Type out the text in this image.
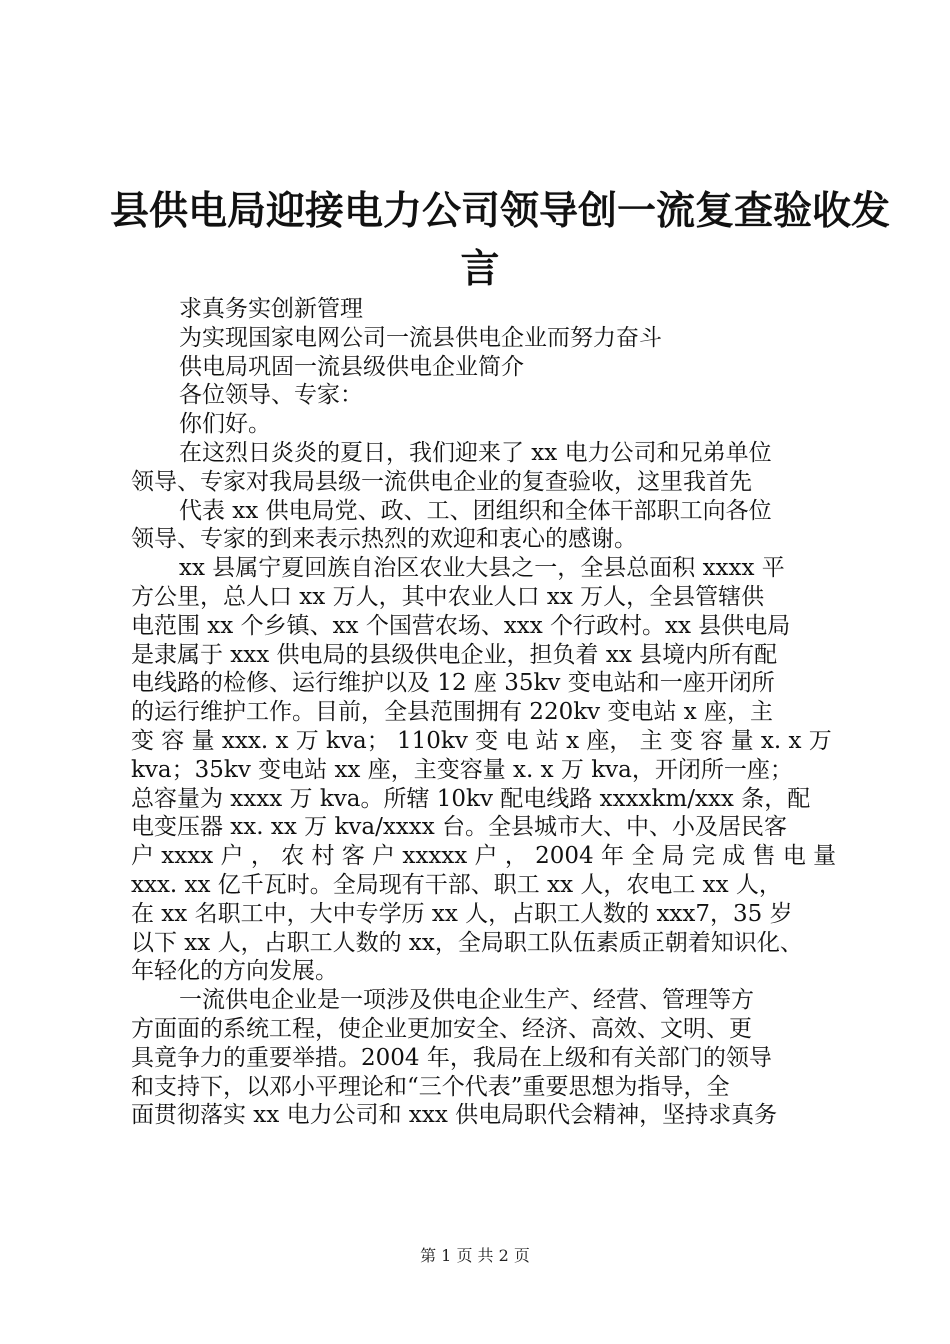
县供电局迎接电力公司领导创一流复查验收发
言
求真务实创新管理
为实现国家电网公司一流县供电企业而努力奋斗
供电局巩固一流县级供电企业简介
各位领导、专家：
你们好。
在这烈日炎炎的夏日，我们迎来了 xx 电力公司和兄弟单位
领导、专家对我局县级一流供电企业的复查验收，这里我首先
代表 xx 供电局党、政、工、团组织和全体干部职工向各位
领导、专家的到来表示热烈的欢迎和衷心的感谢。
xx 县属宁夏回族自治区农业大县之一，全县总面积 xxxx 平
方公里，总人口 xx 万人，其中农业人口 xx 万人，全县管辖供
电范围 xx 个乡镇、xx 个国营农场、xxx 个行政村。xx 县供电局
是隶属于 xxx 供电局的县级供电企业，担负着 xx 县境内所有配
电线路的检修、运行维护以及 12 座 35kv 变电站和一座开闭所
的运行维护工作。目前，全县范围拥有 220kv 变电站 x 座，主
变 容 量 xxx. x 万 kva； 110kv 变 电 站 x 座， 主 变 容 量 x. x 万
kva；35kv 变电站 xx 座，主变容量 x. x 万 kva，开闭所一座；
总容量为 xxxx 万 kva。所辖 10kv 配电线路 xxxxkm/xxx 条，配
电变压器 xx. xx 万 kva/xxxx 台。全县城市大、中、小及居民客
户 xxxx 户 ， 农 村 客 户 xxxxx 户 ， 2004 年 全 局 完 成 售 电 量
xxx. xx 亿千瓦时。全局现有干部、职工 xx 人，农电工 xx 人，
在 xx 名职工中，大中专学历 xx 人，占职工人数的 xxx7，35 岁
以下 xx 人，占职工人数的 xx，全局职工队伍素质正朝着知识化、
年轻化的方向发展。
一流供电企业是一项涉及供电企业生产、经营、管理等方
方面面的系统工程，使企业更加安全、经济、高效、文明、更
具竟争力的重要举措。2004 年，我局在上级和有关部门的领导
和支持下，以邓小平理论和“三个代表”重要思想为指导，全
面贯彻落实 xx 电力公司和 xxx 供电局职代会精神，坚持求真务
第 1 页 共 2 页
